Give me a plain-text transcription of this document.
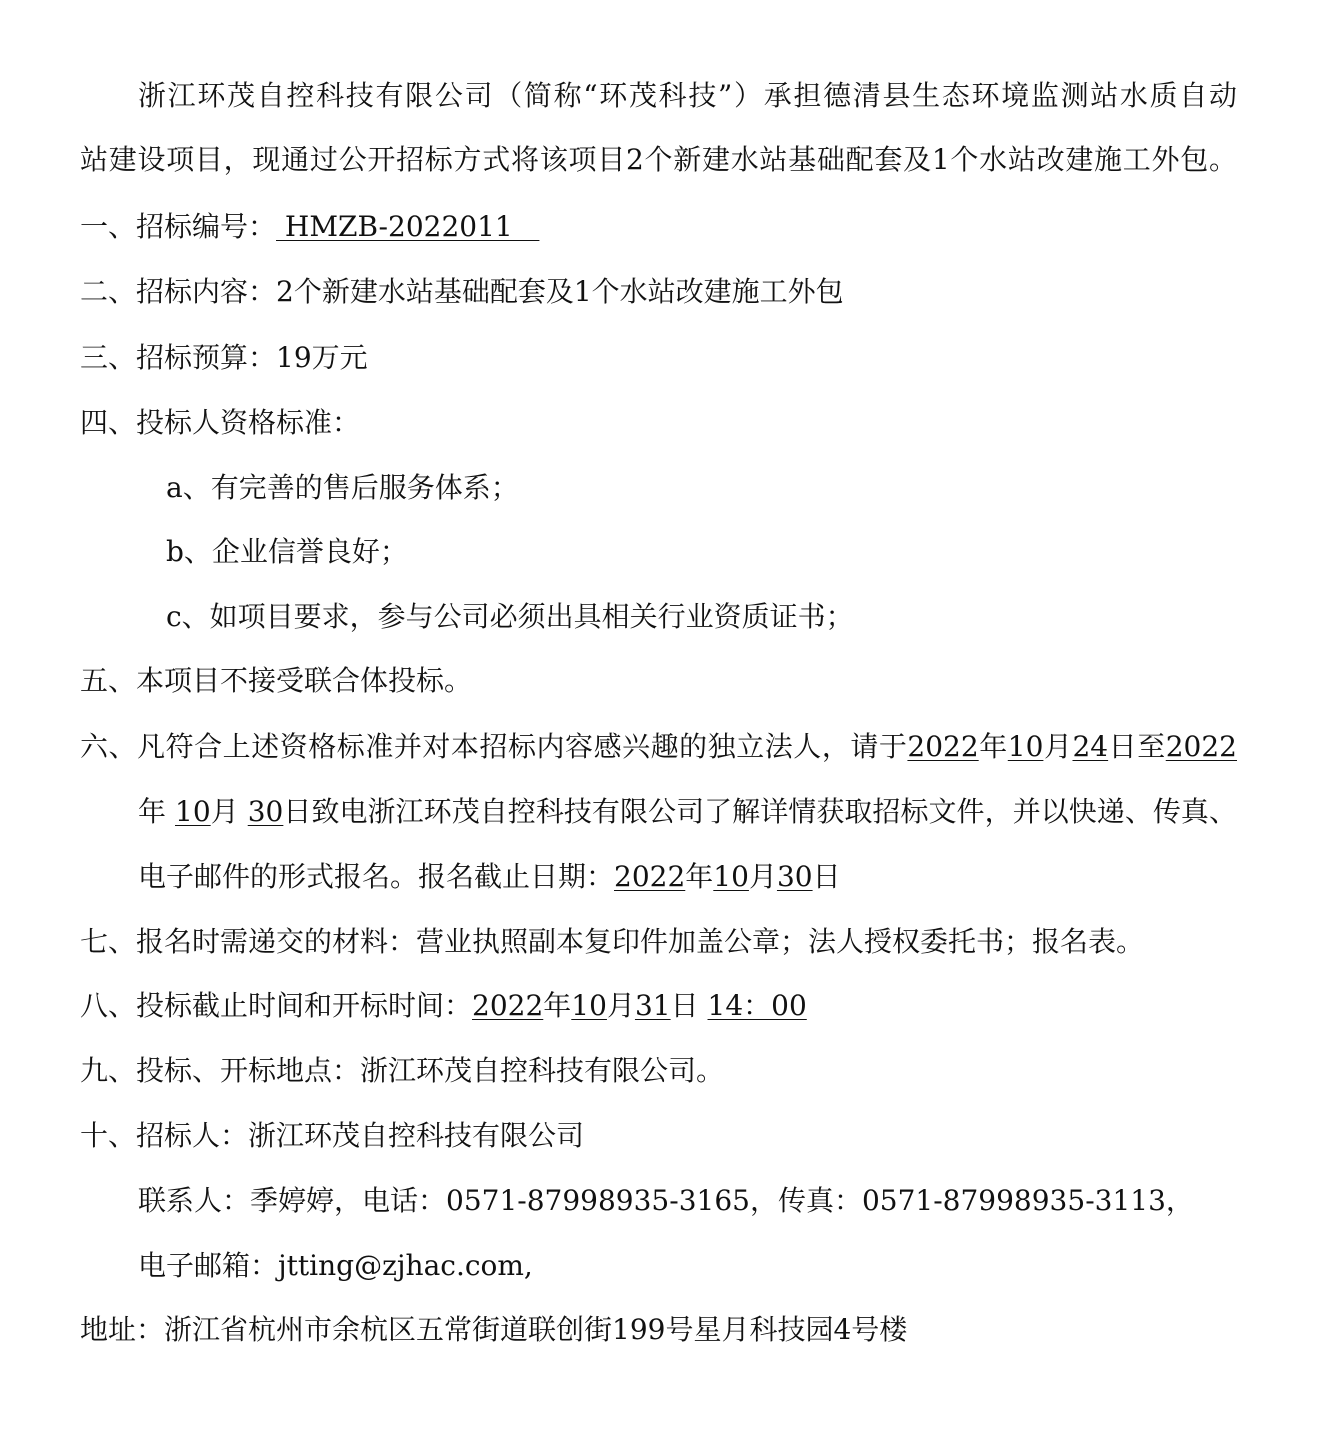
浙江环茂自控科技有限公司（简称“环茂科技”）承担德清县生态环境监测站水质自动
站建设项目，现通过公开招标方式将该项目2个新建水站基础配套及1个水站改建施工外包。
一、招标编号： HMZB-2022011
二、招标内容：2个新建水站基础配套及1个水站改建施工外包
三、招标预算：19万元
四、投标人资格标准：
a、有完善的售后服务体系；
b、企业信誉良好；
c、如项目要求，参与公司必须出具相关行业资质证书；
五、本项目不接受联合体投标。
六、凡符合上述资格标准并对本招标内容感兴趣的独立法人，请于2022年10月24日至2022
年 10月 30日致电浙江环茂自控科技有限公司了解详情获取招标文件，并以快递、传真、
电子邮件的形式报名。报名截止日期：2022年10月30日
七、报名时需递交的材料：营业执照副本复印件加盖公章；法人授权委托书；报名表。
八、投标截止时间和开标时间：2022年10月31日 14：00
九、投标、开标地点：浙江环茂自控科技有限公司。
十、招标人：浙江环茂自控科技有限公司
联系人：季婷婷，电话：0571-87998935-3165，传真：0571-87998935-3113，
电子邮箱：jtting@zjhac.com,
地址：浙江省杭州市余杭区五常街道联创街199号星月科技园4号楼
